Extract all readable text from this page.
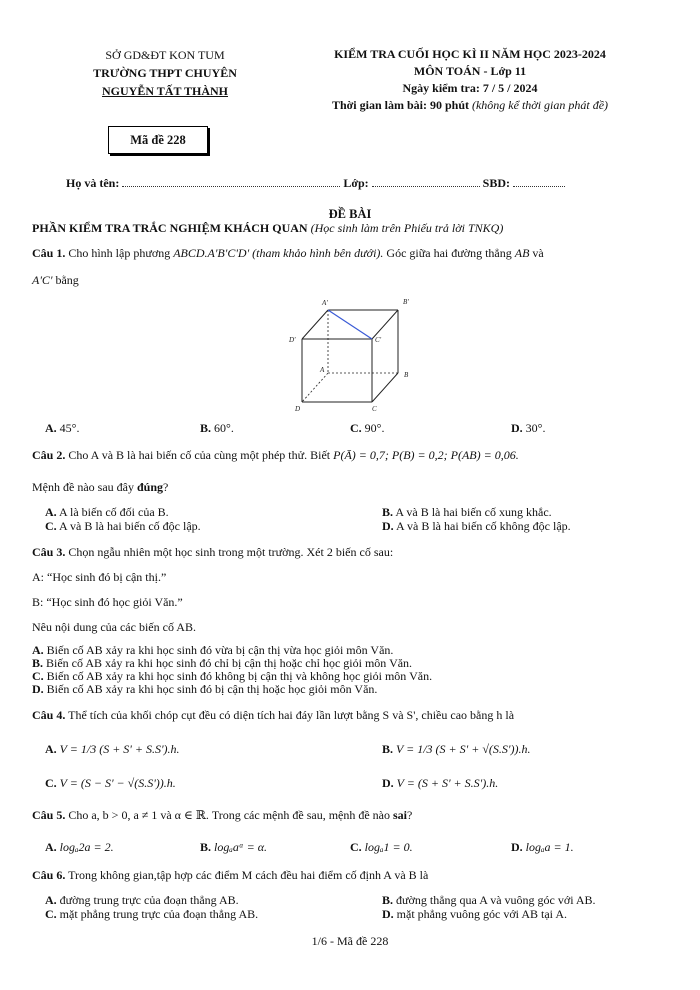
SỞ GD&ĐT KON TUM
TRƯỜNG THPT CHUYÊN
NGUYỄN TẤT THÀNH
KIỂM TRA CUỐI HỌC KÌ II NĂM HỌC 2023-2024
MÔN TOÁN - Lớp 11
Ngày kiểm tra: 7 / 5 / 2024
Thời gian làm bài: 90 phút (không kể thời gian phát đề)
Mã đề 228
Họ và tên:	Lớp:	SBD:
ĐỀ BÀI
PHẦN KIỂM TRA TRẮC NGHIỆM KHÁCH QUAN (Học sinh làm trên Phiếu trả lời TNKQ)
Câu 1. Cho hình lập phương ABCD.A'B'C'D' (tham khảo hình bên dưới). Góc giữa hai đường thẳng AB và
A'C' bằng
A'	B'
C'
D'
A
B
C
D
A. 45°.	B. 60°.	C. 90°.	D. 30°.
Câu 2. Cho A và B là hai biến cố của cùng một phép thử. Biết P(Ā) = 0,7; P(B) = 0,2; P(AB) = 0,06.
Mệnh đề nào sau đây đúng?
A. A là biến cố đối của B.	B. A và B là hai biến cố xung khắc.
C. A và B là hai biến cố độc lập.	D. A và B là hai biến cố không độc lập.
Câu 3. Chọn ngẫu nhiên một học sinh trong một trường. Xét 2 biến cố sau:
A: “Học sinh đó bị cận thị.”
B: “Học sinh đó học giỏi Văn.”
Nêu nội dung của các biến cố AB.
A. Biến cố AB xảy ra khi học sinh đó vừa bị cận thị vừa học giỏi môn Văn.
B. Biến cố AB xảy ra khi học sinh đó chỉ bị cận thị hoặc chỉ học giỏi môn Văn.
C. Biến cố AB xảy ra khi học sinh đó không bị cận thị và không học giỏi môn Văn.
D. Biến cố AB xảy ra khi học sinh đó bị cận thị hoặc học giỏi môn Văn.
Câu 4. Thể tích của khối chóp cụt đều có diện tích hai đáy lần lượt bằng S và S', chiều cao bằng h là
A. V = 1/3 (S + S' + S.S').h.	B. V = 1/3 (S + S' + √(S.S')).h.
C. V = (S − S' − √(S.S')).h.	D. V = (S + S' + S.S').h.
Câu 5. Cho a, b > 0, a ≠ 1 và α ∈ ℝ. Trong các mệnh đề sau, mệnh đề nào sai?
A. logₐ2a = 2.	B. logₐaᵅ = α.	C. logₐ1 = 0.	D. logₐa = 1.
Câu 6. Trong không gian,tập hợp các điểm M cách đều hai điểm cố định A và B là
A. đường trung trực của đoạn thẳng AB.	B. đường thẳng qua A và vuông góc với AB.
C. mặt phẳng trung trực của đoạn thẳng AB.	D. mặt phẳng vuông góc với AB tại A.
1/6 - Mã đề 228
